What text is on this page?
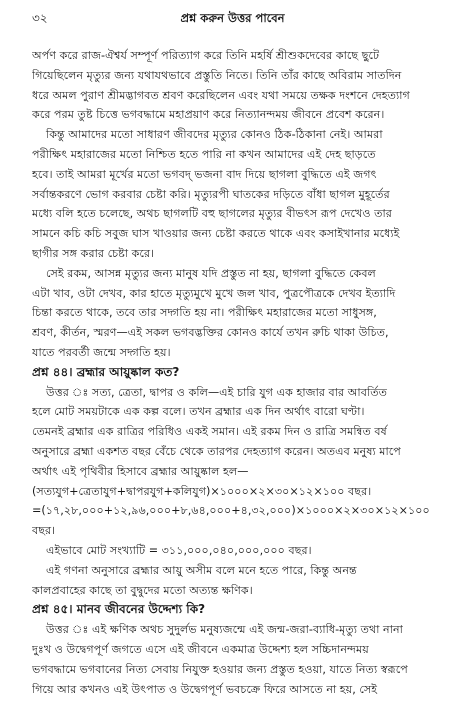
৩২	প্রশ্ন করুন উত্তর পাবেন
অর্পণ করে রাজ-ঐশ্বর্য সম্পূর্ণ পরিত্যাগ করে তিনি মহর্ষি শ্রীশুকদেবের কাছে ছুটে
গিয়েছিলেন মৃত্যুর জন্য যথাযথভাবে প্রস্তুতি নিতে। তিনি তাঁর কাছে অবিরাম সাতদিন
ধরে অমল পুরাণ শ্রীমদ্ভাগবত শ্রবণ করেছিলেন এবং যথা সময়ে তক্ষক দংশনে দেহত্যাগ
করে পরম তুষ্ট চিত্তে ভগবদ্ধামে মহাপ্রয়াণ করে নিত্যানন্দময় জীবনে প্রবেশ করেন।
কিন্তু আমাদের মতো সাধারণ জীবদের মৃত্যুর কোনও ঠিক-ঠিকানা নেই। আমরা
পরীক্ষিৎ মহারাজের মতো নিশ্চিত হতে পারি না কখন আমাদের এই দেহ ছাড়তে
হবে। তাই আমরা মূর্খের মতো ভগবদ্ ভজনা বাদ দিয়ে ছাগলা বুদ্ধিতে এই জগৎ
সর্বান্তকরণে ভোগ করবার চেষ্টা করি। মৃত্যুরপী ঘাতকের দড়িতে বাঁধা ছাগল মুহূর্তের
মধ্যে বলি হতে চলেছে, অথচ ছাগলটি বহু ছাগলের মৃত্যুর বীভৎস রূপ দেখেও তার
সামনে কচি কচি সবুজ ঘাস খাওয়ার জন্য চেষ্টা করতে থাকে এবং কসাইখানার মধ্যেই
ছাগীর সঙ্গ করার চেষ্টা করে।
সেই রকম, আসন্ন মৃত্যুর জন্য মানুষ যদি প্রস্তুত না হয়, ছাগলা বুদ্ধিতে কেবল
এটা খাব, ওটা দেখব, কার হাতে মৃত্যুমুখে মুখে জল খাব, পুত্রপৌত্রকে দেখব ইত্যাদি
চিন্তা করতে থাকে, তবে তার সদ্গতি হয় না। পরীক্ষিৎ মহারাজের মতো সাধুসঙ্গ,
শ্রবণ, কীর্তন, স্মরণ—এই সকল ভগবদ্ভক্তির কোনও কার্যে তখন রুচি থাকা উচিত,
যাতে পরবর্তী জন্মে সদ্গতি হয়।
প্রশ্ন ৪৪। ব্রহ্মার আয়ুষ্কাল কত?
উত্তর ঃ সত্য, ত্রেতা, দ্বাপর ও কলি—এই চারি যুগ এক হাজার বার আবর্তিত
হলে মোট সময়টাকে এক কল্প বলে। তখন ব্রহ্মার এক দিন অর্থাৎ বারো ঘণ্টা।
তেমনই ব্রহ্মার এক রাত্রির পরিধিও একই সমান। এই রকম দিন ও রাত্রি সমন্বিত বর্ষ
অনুসারে ব্রহ্মা একশত বছর বেঁচে থেকে তারপর দেহত্যাগ করেন। অতএব মনুষ্য মাপে
অর্থাৎ এই পৃথিবীর হিসাবে ব্রহ্মার আয়ুষ্কাল হল—
(সত্যযুগ+ত্রেতাযুগ+দ্বাপরযুগ+কলিযুগ)×১০০০×২×৩০×১২×১০০ বছর।
=(১৭,২৮,০০০+১২,৯৬,০০০+৮,৬৪,০০০+৪,৩২,০০০)×১০০০×২×৩০×১২×১০০
বছর।
এইভাবে মোট সংখ্যাটি = ৩১১,০০০,০৪০,০০০,০০০ বছর।
এই গণনা অনুসারে ব্রহ্মার আয়ু অসীম বলে মনে হতে পারে, কিন্তু অনন্ত
কালপ্রবাহের কাছে তা বুদ্বুদের মতো অত্যন্ত ক্ষণিক।
প্রশ্ন ৪৫। মানব জীবনের উদ্দেশ্য কি?
উত্তর ঃ এই ক্ষণিক অথচ সুদুর্লভ মনুষ্যজন্মে এই জন্ম-জরা-ব্যাধি-মৃত্যু তথা নানা
দুঃখ ও উদ্বেগপূর্ণ জগতে এসে এই জীবনে একমাত্র উদ্দেশ্য হল সচ্চিদানন্দময়
ভগবদ্ধামে ভগবানের নিত্য সেবায় নিযুক্ত হওয়ার জন্য প্রস্তুত হওয়া, যাতে নিত্য স্বরূপে
গিয়ে আর কখনও এই উৎপাত ও উদ্বেগপূর্ণ ভবচক্রে ফিরে আসতে না হয়, সেই
